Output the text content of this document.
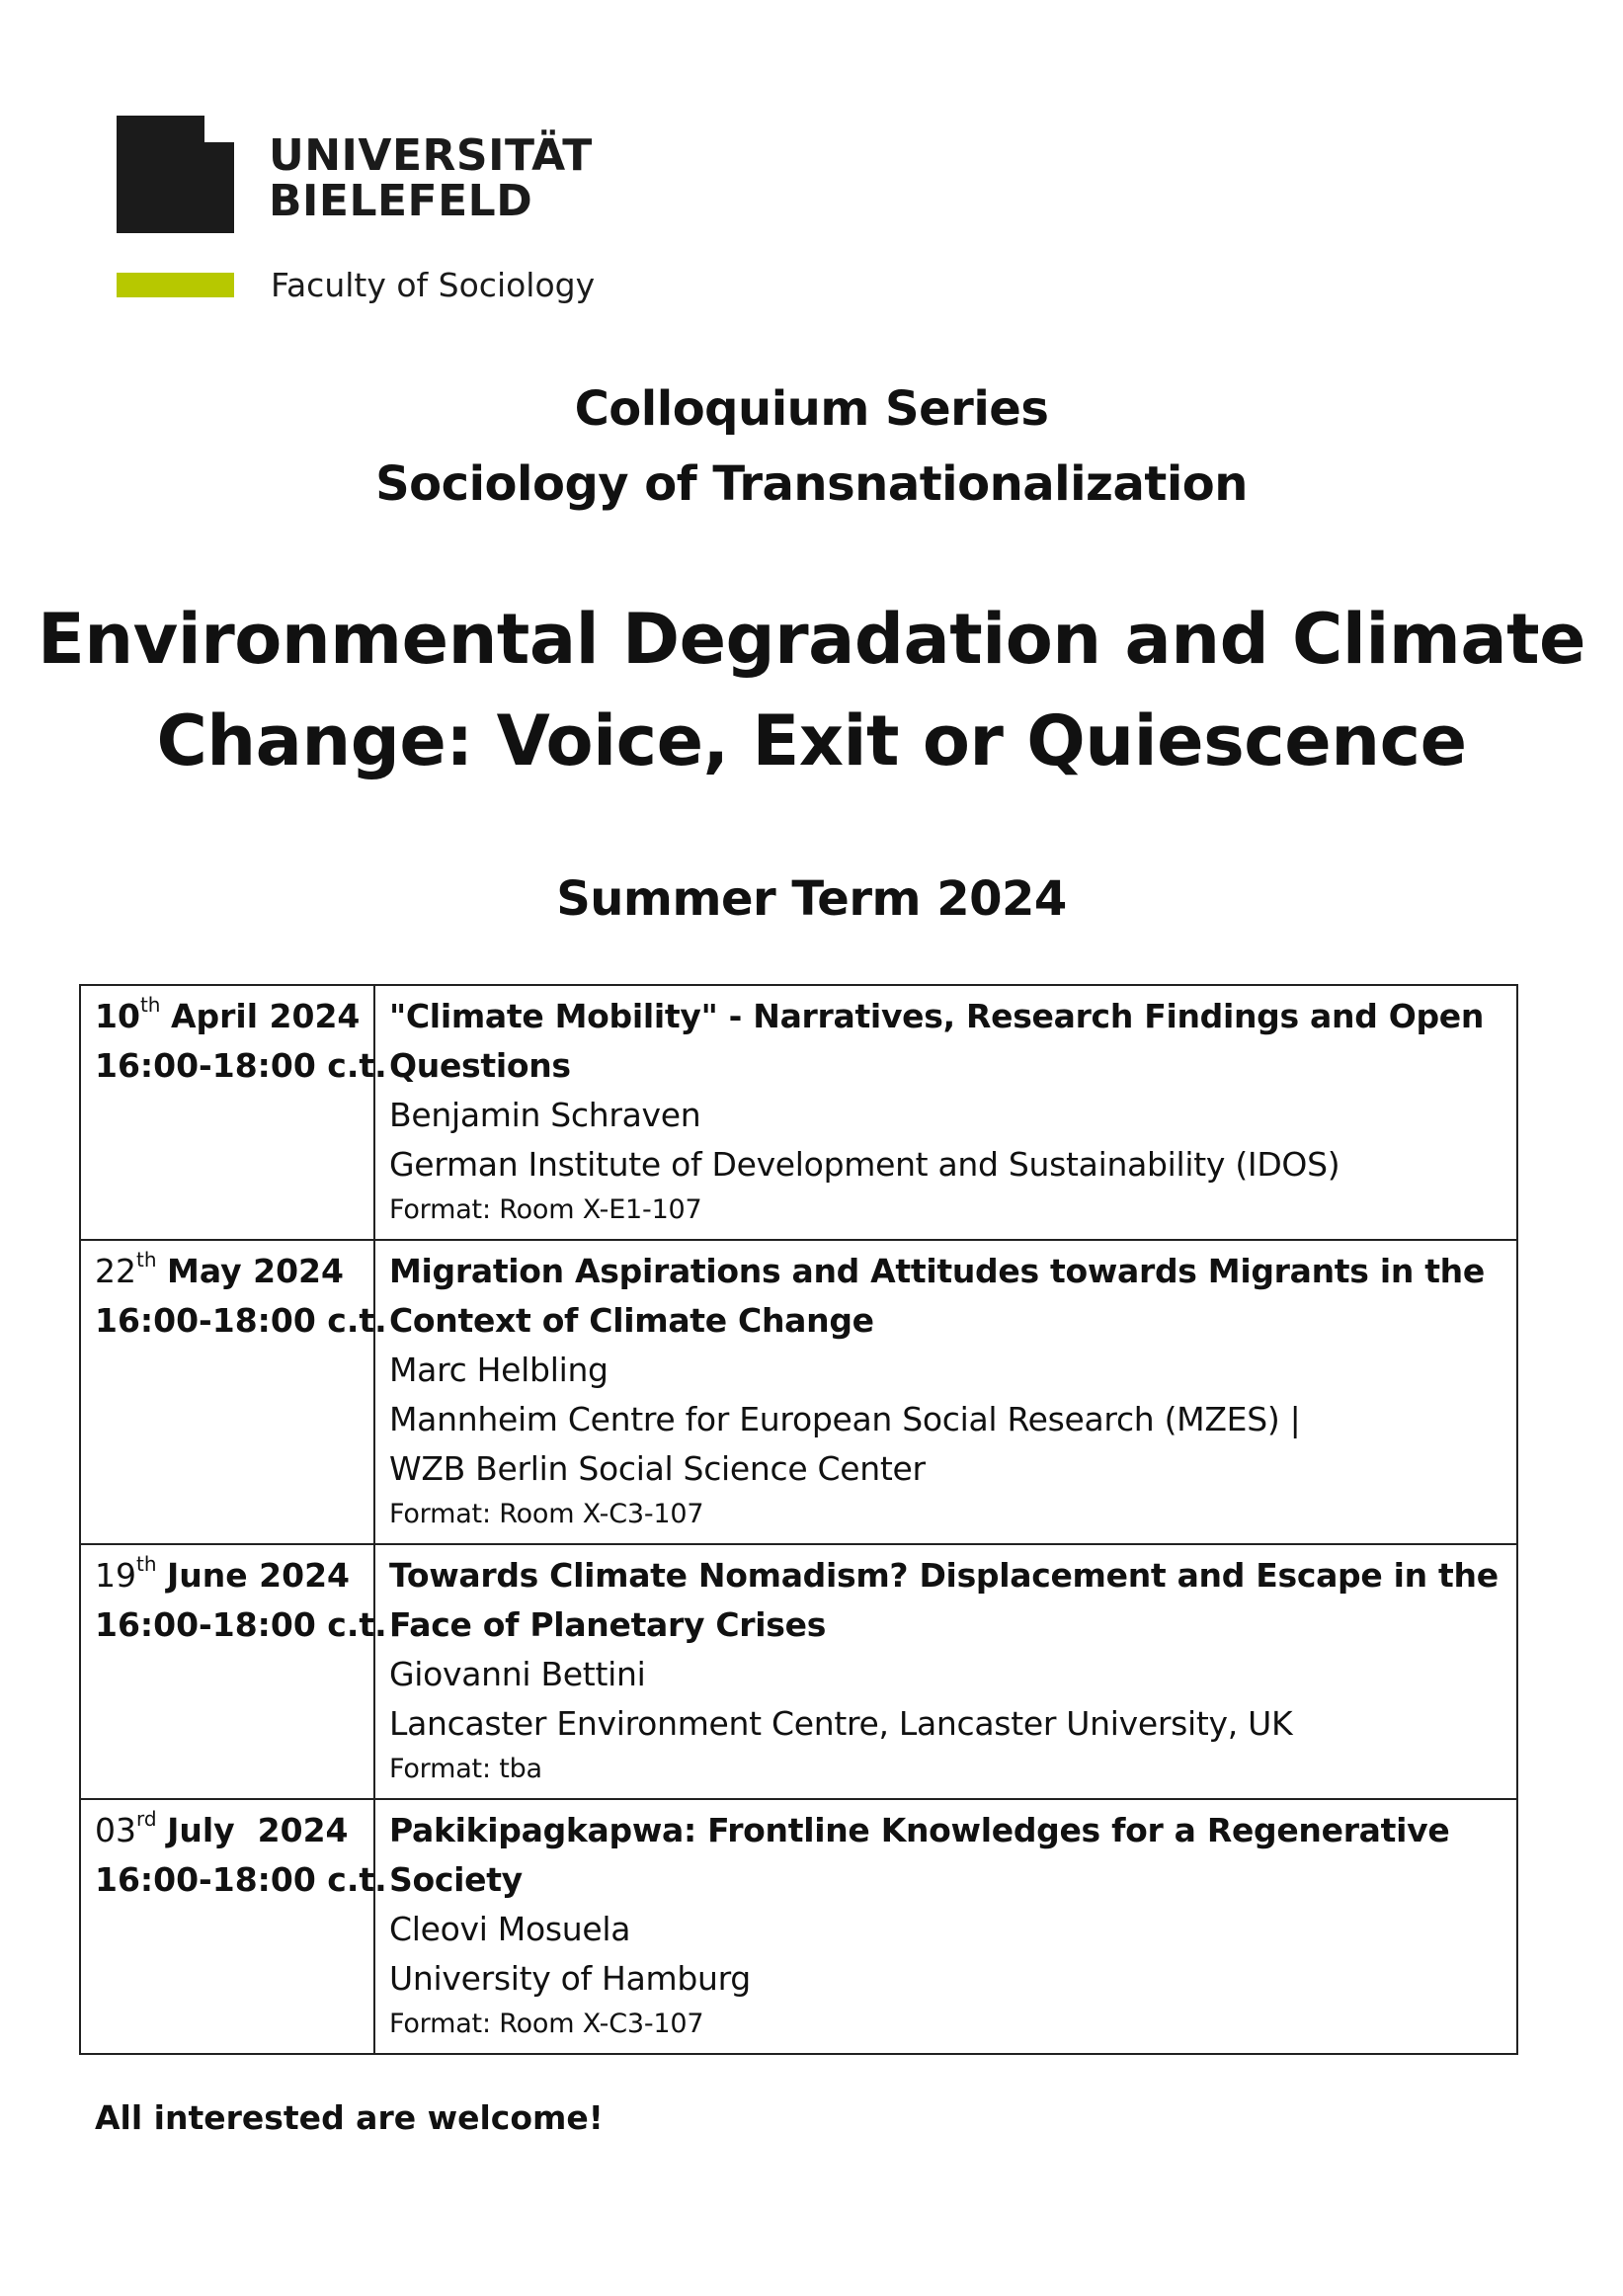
UNIVERSITÄT
BIELEFELD
Faculty of Sociology
Colloquium Series
Sociology of Transnationalization
Environmental Degradation and Climate
Change: Voice, Exit or Quiescence
Summer Term 2024
10th April 2024
16:00-18:00 c.t.

"Climate Mobility" - Narratives, Research Findings and Open Questions
Benjamin Schraven
German Institute of Development and Sustainability (IDOS)
Format: Room X-E1-107

22th May 2024
16:00-18:00 c.t.

Migration Aspirations and Attitudes towards Migrants in the Context of Climate Change
Marc Helbling
Mannheim Centre for European Social Research (MZES) |
WZB Berlin Social Science Center
Format: Room X-C3-107

19th June 2024
16:00-18:00 c.t.

Towards Climate Nomadism? Displacement and Escape in the Face of Planetary Crises
Giovanni Bettini
Lancaster Environment Centre, Lancaster University, UK
Format: tba

03rd July  2024
16:00-18:00 c.t.

Pakikipagkapwa: Frontline Knowledges for a Regenerative Society
Cleovi Mosuela
University of Hamburg
Format: Room X-C3-107
All interested are welcome!
